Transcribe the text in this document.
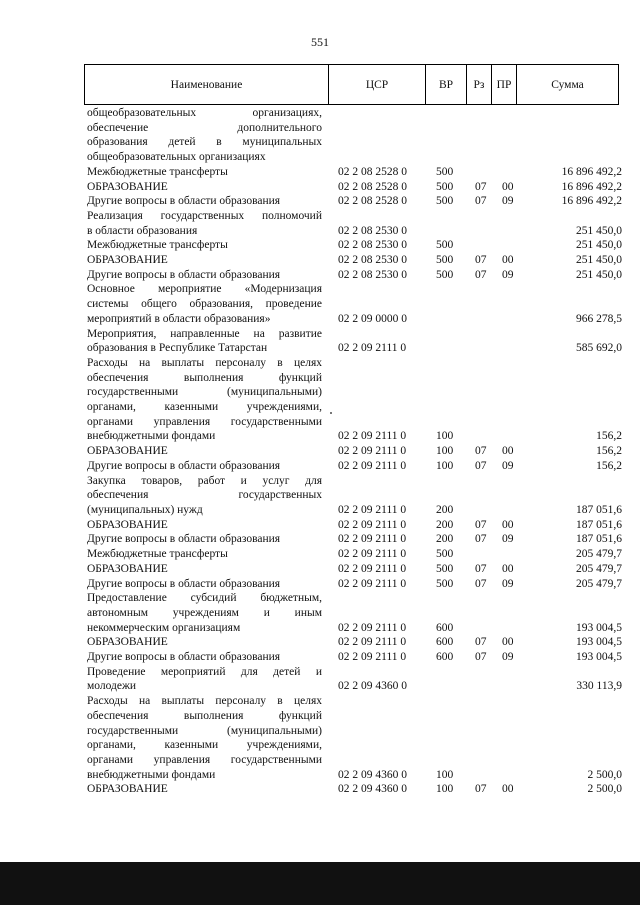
551
Наименование	ЦСР	ВР	Рз	ПР	Сумма
общеобразовательных организациях,
обеспечение дополнительного
образования детей в муниципальных
общеобразовательных организациях
Межбюджетные трансферты	02 2 08 2528 0	500	16 896 492,2
ОБРАЗОВАНИЕ	02 2 08 2528 0	500 07 00	16 896 492,2
Другие вопросы в области образования	02 2 08 2528 0	500 07 09	16 896 492,2
Реализация государственных полномочий
в области образования	02 2 08 2530 0	251 450,0
Межбюджетные трансферты	02 2 08 2530 0	500	251 450,0
ОБРАЗОВАНИЕ	02 2 08 2530 0	500 07 00	251 450,0
Другие вопросы в области образования	02 2 08 2530 0	500 07 09	251 450,0
Основное мероприятие «Модернизация
системы общего образования, проведение
мероприятий в области образования»	02 2 09 0000 0	966 278,5
Мероприятия, направленные на развитие
образования в Республике Татарстан	02 2 09 2111 0	585 692,0
Расходы на выплаты персоналу в целях
обеспечения выполнения функций
государственными (муниципальными)
органами, казенными учреждениями,
органами управления государственными
внебюджетными фондами	02 2 09 2111 0	100	156,2
ОБРАЗОВАНИЕ	02 2 09 2111 0	100 07 00	156,2
Другие вопросы в области образования	02 2 09 2111 0	100 07 09	156,2
Закупка товаров, работ и услуг для
обеспечения государственных
(муниципальных) нужд	02 2 09 2111 0	200	187 051,6
ОБРАЗОВАНИЕ	02 2 09 2111 0	200 07 00	187 051,6
Другие вопросы в области образования	02 2 09 2111 0	200 07 09	187 051,6
Межбюджетные трансферты	02 2 09 2111 0	500	205 479,7
ОБРАЗОВАНИЕ	02 2 09 2111 0	500 07 00	205 479,7
Другие вопросы в области образования	02 2 09 2111 0	500 07 09	205 479,7
Предоставление субсидий бюджетным,
автономным учреждениям и иным
некоммерческим организациям	02 2 09 2111 0	600	193 004,5
ОБРАЗОВАНИЕ	02 2 09 2111 0	600 07 00	193 004,5
Другие вопросы в области образования	02 2 09 2111 0	600 07 09	193 004,5
Проведение мероприятий для детей и
молодежи	02 2 09 4360 0	330 113,9
Расходы на выплаты персоналу в целях
обеспечения выполнения функций
государственными (муниципальными)
органами, казенными учреждениями,
органами управления государственными
внебюджетными фондами	02 2 09 4360 0	100	2 500,0
ОБРАЗОВАНИЕ	02 2 09 4360 0	100 07 00	2 500,0
